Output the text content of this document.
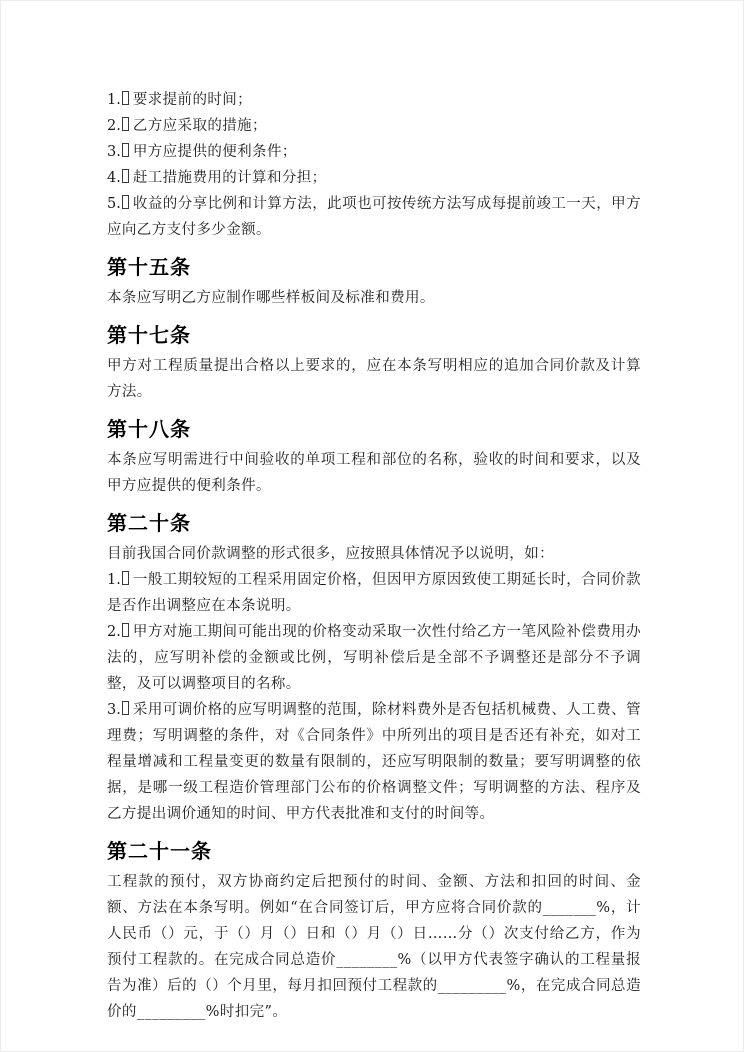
1. 要求提前的时间；

2. 乙方应采取的措施；

3. 甲方应提供的便利条件；

4. 赶工措施费用的计算和分担；

5. 收益的分享比例和计算方法，此项也可按传统方法写成每提前竣工一天，甲方应向乙方支付多少金额。

第十五条

本条应写明乙方应制作哪些样板间及标准和费用。

第十七条

甲方对工程质量提出合格以上要求的，应在本条写明相应的追加合同价款及计算方法。

第十八条

本条应写明需进行中间验收的单项工程和部位的名称，验收的时间和要求，以及甲方应提供的便利条件。

第二十条

目前我国合同价款调整的形式很多，应按照具体情况予以说明，如：

1. 一般工期较短的工程采用固定价格，但因甲方原因致使工期延长时，合同价款是否作出调整应在本条说明。

2. 甲方对施工期间可能出现的价格变动采取一次性付给乙方一笔风险补偿费用办法的，应写明补偿的金额或比例，写明补偿后是全部不予调整还是部分不予调整，及可以调整项目的名称。

3. 采用可调价格的应写明调整的范围，除材料费外是否包括机械费、人工费、管理费；写明调整的条件，对《合同条件》中所列出的项目是否还有补充，如对工程量增减和工程量变更的数量有限制的，还应写明限制的数量；要写明调整的依据，是哪一级工程造价管理部门公布的价格调整文件；写明调整的方法、程序及乙方提出调价通知的时间、甲方代表批准和支付的时间等。

第二十一条

工程款的预付，双方协商约定后把预付的时间、金额、方法和扣回的时间、金额、方法在本条写明。例如“在合同签订后，甲方应将合同价款的_______%，计人民币（）元，于（）月（）日和（）月（）日……分（）次支付给乙方，作为预付工程款的。在完成合同总造价________%（以甲方代表签字确认的工程量报告为准）后的（）个月里，每月扣回预付工程款的_________%，在完成合同总造价的_________%时扣完”。
